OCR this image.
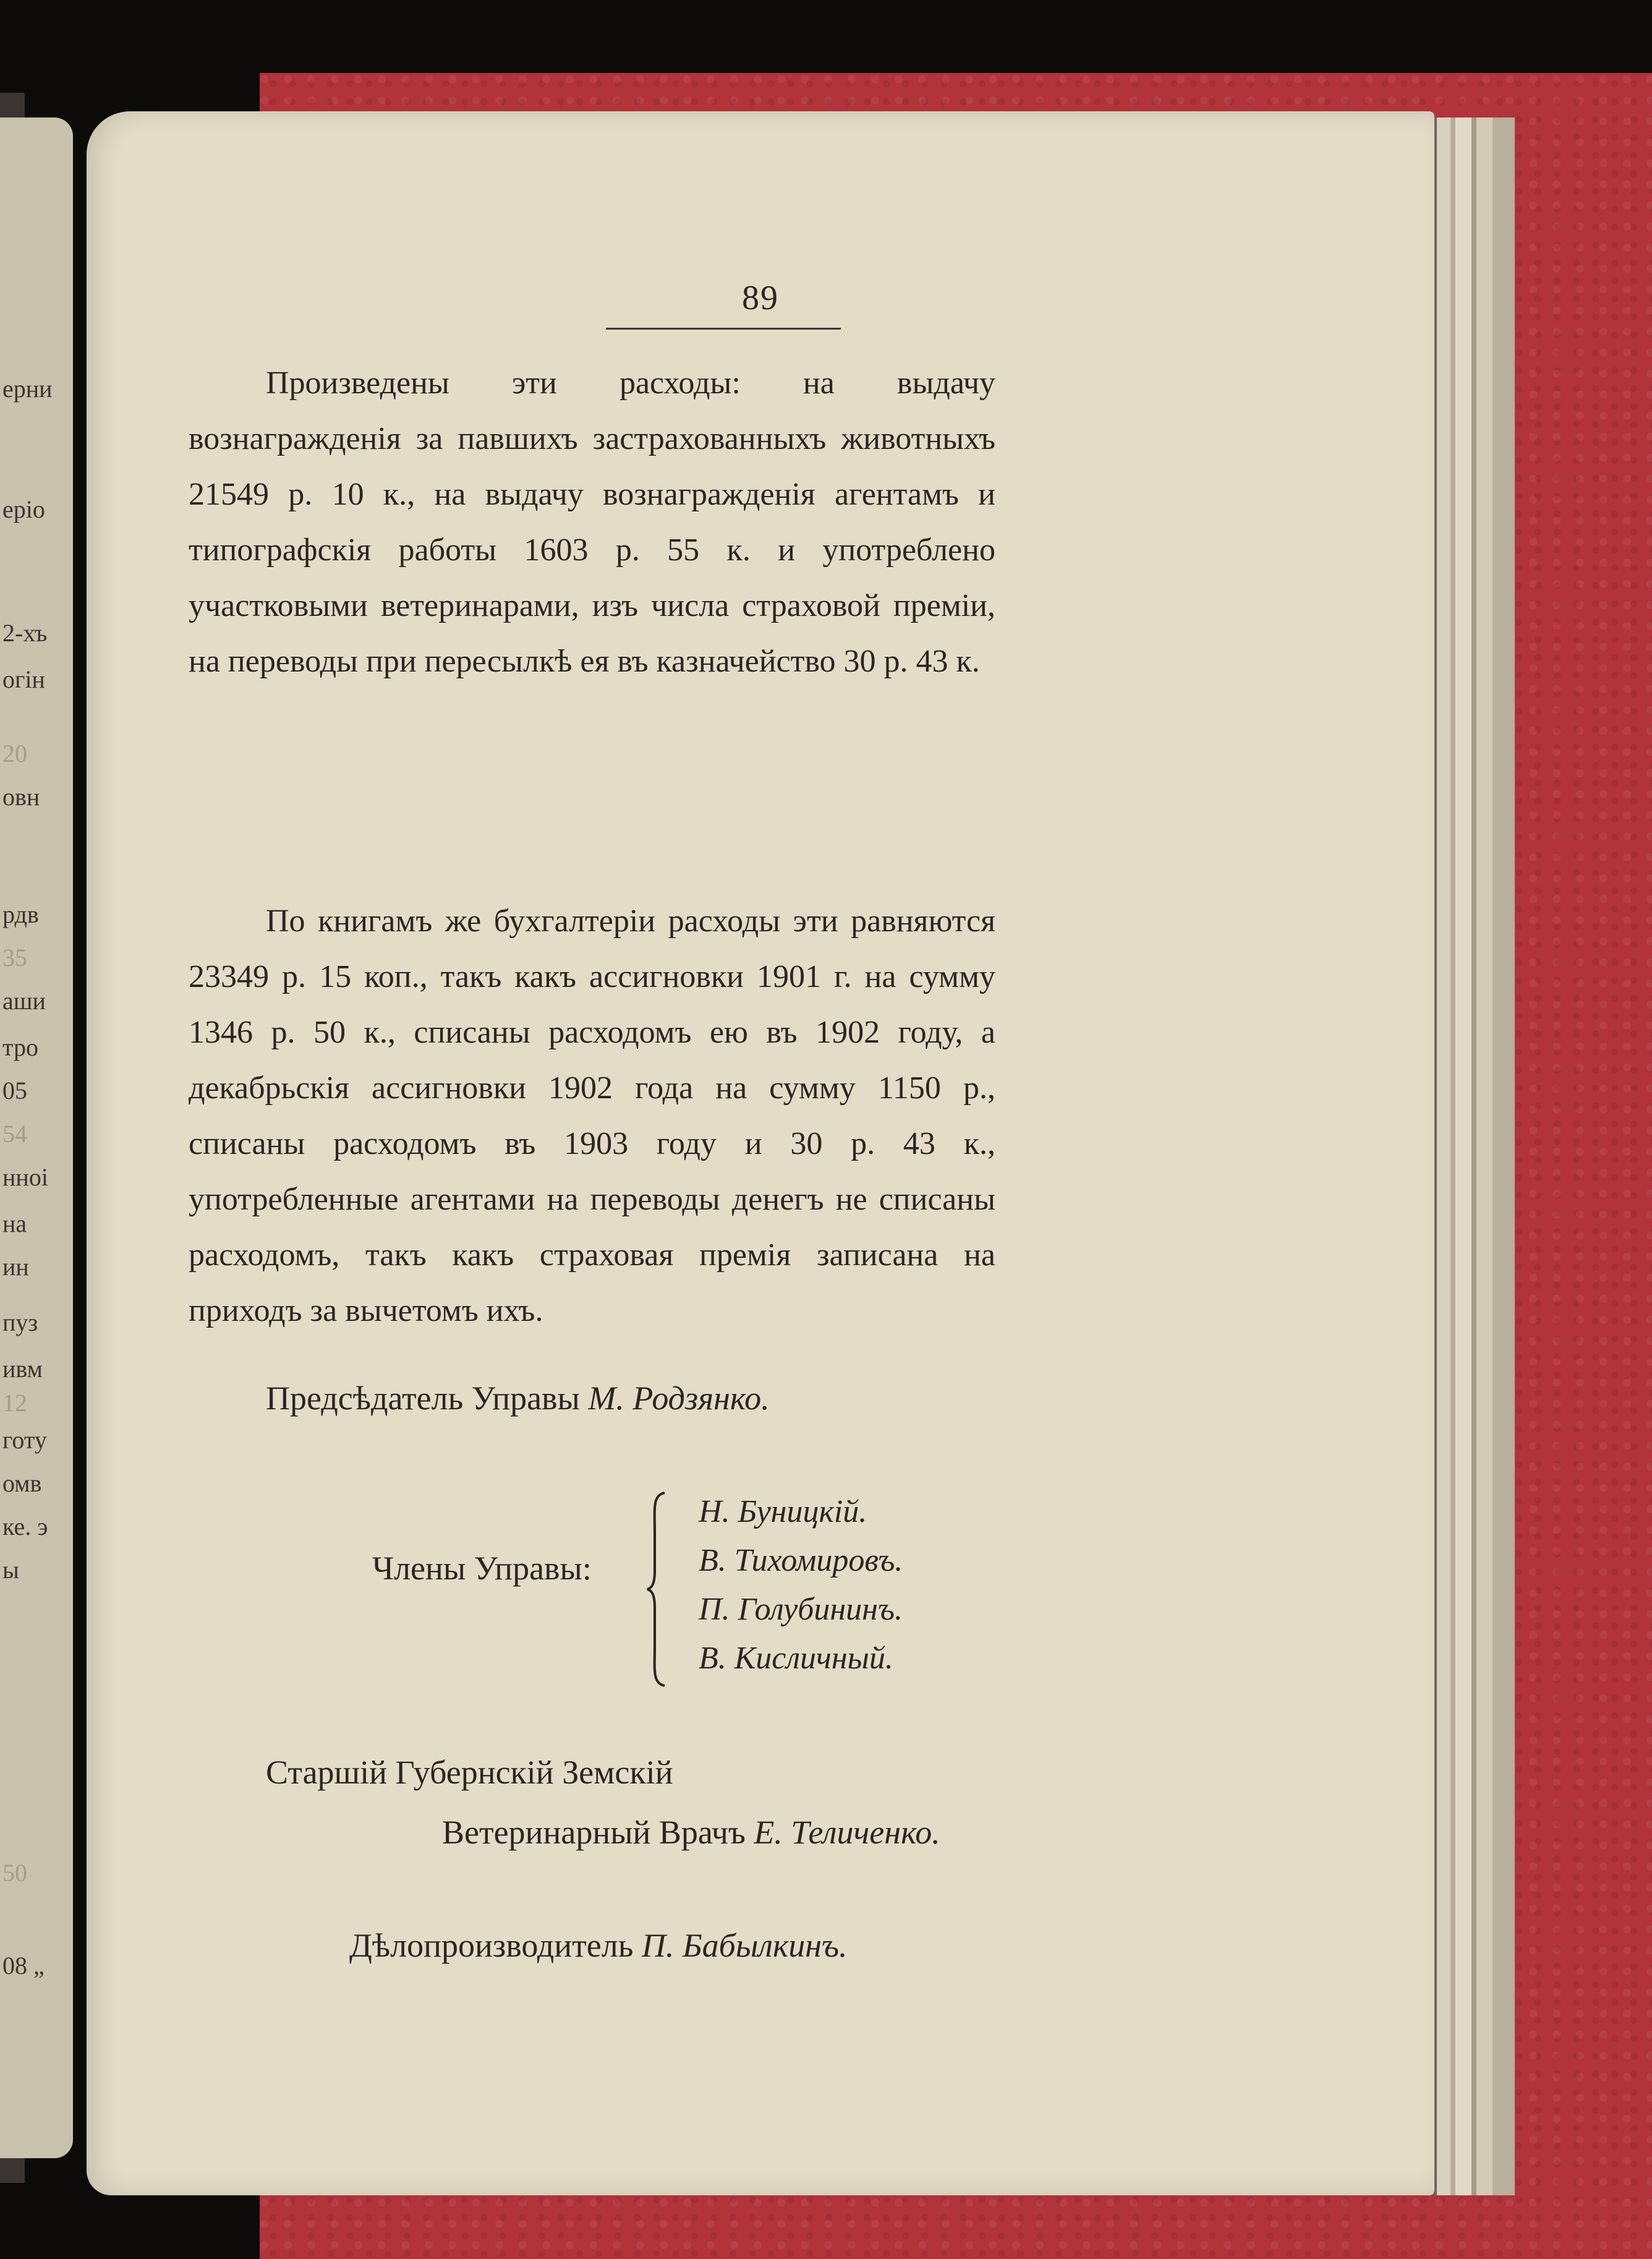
ерни
еріо
2-хъ
огін
20
овн
рдв
35
аши
тро
05
54
нноі
на
ин
пуз
ивм
12
готу
омв
ке. э
ы
50
08 „
89

Произведены эти расходы: на выдачу вознагражденія за павшихъ застрахованныхъ животныхъ 21549 р. 10 к., на выдачу вознагражденія агентамъ и типографскія работы 1603 р. 55 к. и употреблено участковыми ветеринарами, изъ числа страховой преміи, на переводы при пересылкѣ ея въ казначейство 30 р. 43 к.

По книгамъ же бухгалтеріи расходы эти равняются 23349 р. 15 коп., такъ какъ ассигновки 1901 г. на сумму 1346 р. 50 к., списаны расходомъ ею въ 1902 году, а декабрьскія ассигновки 1902 года на сумму 1150 р., списаны расходомъ въ 1903 году и 30 р. 43 к., употребленные агентами на переводы денегъ не списаны расходомъ, такъ какъ страховая премія записана на приходъ за вычетомъ ихъ.

Предсѣдатель Управы М. Родзянко.
Члены Управы:
Н. Буницкій.
В. Тихомировъ.
П. Голубининъ.
В. Кисличный.
Старшій Губернскій Земскій
Ветеринарный Врачъ Е. Теличенко.
Дѣлопроизводитель П. Бабылкинъ.
